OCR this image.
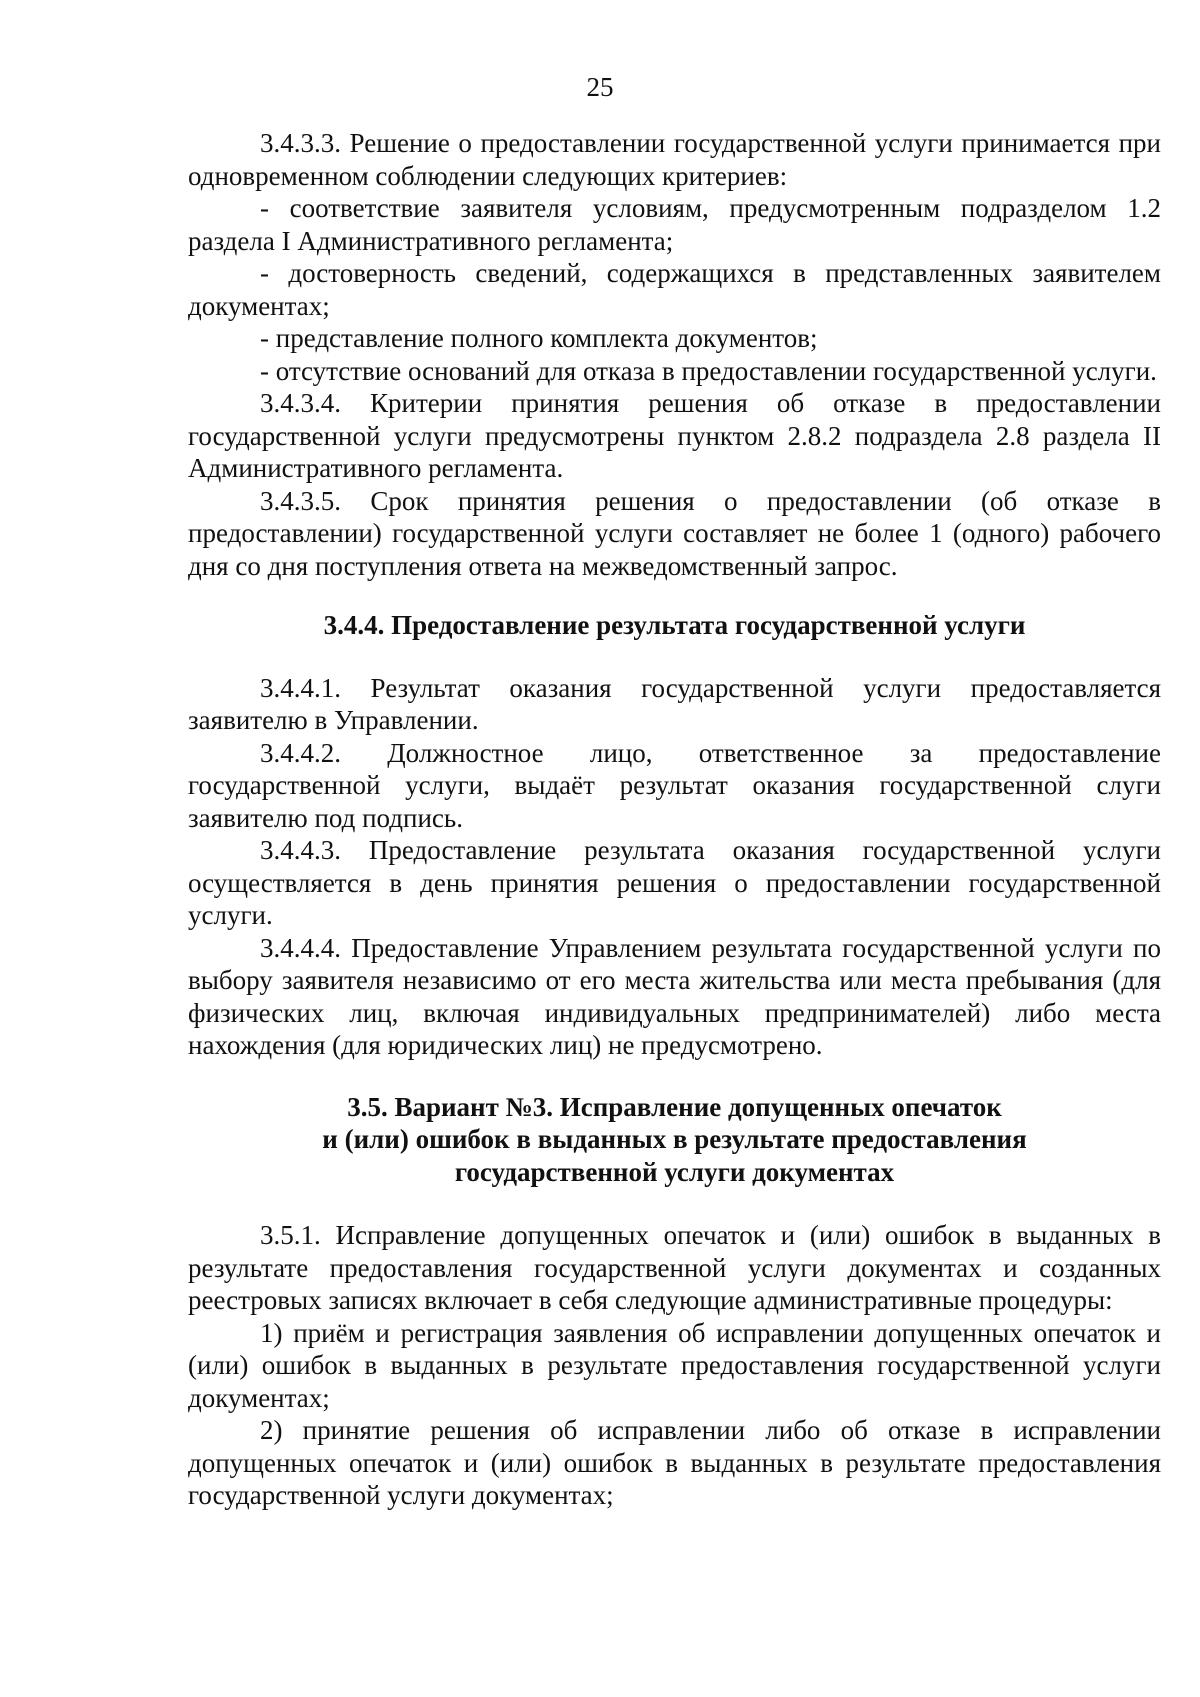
25

3.4.3.3. Решение о предоставлении государственной услуги принимается при одновременном соблюдении следующих критериев:

- соответствие заявителя условиям, предусмотренным подразделом 1.2 раздела I Административного регламента;

- достоверность сведений, содержащихся в представленных заявителем документах;

- представление полного комплекта документов;

- отсутствие оснований для отказа в предоставлении государственной услуги.

3.4.3.4. Критерии принятия решения об отказе в предоставлении государственной услуги предусмотрены пунктом 2.8.2 подраздела 2.8 раздела II Административного регламента.

3.4.3.5. Срок принятия решения о предоставлении (об отказе в предоставлении) государственной услуги составляет не более 1 (одного) рабочего дня со дня поступления ответа на межведомственный запрос.

3.4.4. Предоставление результата государственной услуги

3.4.4.1. Результат оказания государственной услуги предоставляется заявителю в Управлении.

3.4.4.2. Должностное лицо, ответственное за предоставление государственной услуги, выдаёт результат оказания государственной слуги заявителю под подпись.

3.4.4.3. Предоставление результата оказания государственной услуги осуществляется в день принятия решения о предоставлении государственной услуги.

3.4.4.4. Предоставление Управлением результата государственной услуги по выбору заявителя независимо от его места жительства или места пребывания (для физических лиц, включая индивидуальных предпринимателей) либо места нахождения (для юридических лиц) не предусмотрено.

3.5. Вариант №3. Исправление допущенных опечаток
и (или) ошибок в выданных в результате предоставления
государственной услуги документах

3.5.1. Исправление допущенных опечаток и (или) ошибок в выданных в результате предоставления государственной услуги документах и созданных реестровых записях включает в себя следующие административные процедуры:

1) приём и регистрация заявления об исправлении допущенных опечаток и (или) ошибок в выданных в результате предоставления государственной услуги документах;

2) принятие решения об исправлении либо об отказе в исправлении допущенных опечаток и (или) ошибок в выданных в результате предоставления государственной услуги документах;
